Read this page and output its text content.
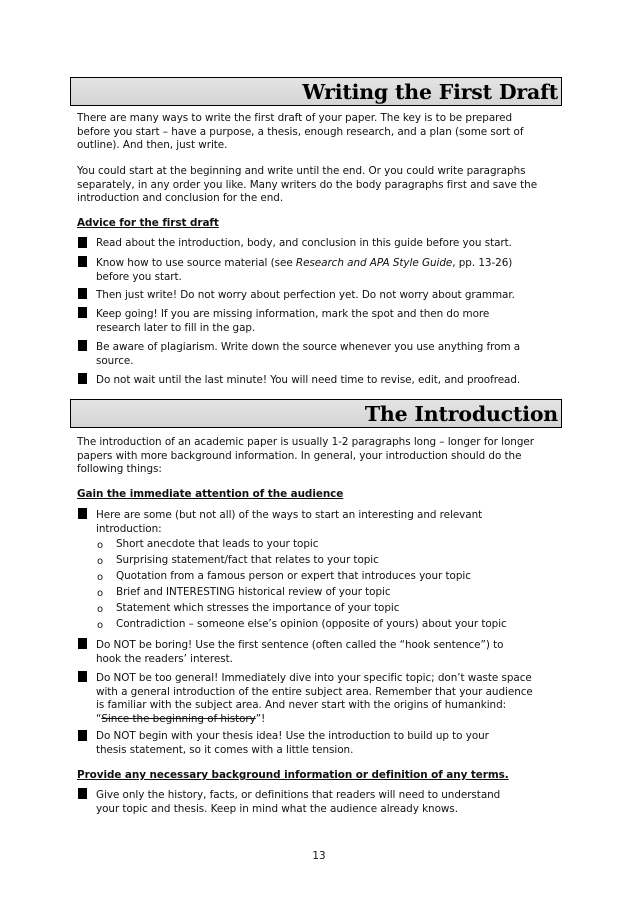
Writing the First Draft
There are many ways to write the first draft of your paper. The key is to be prepared
before you start – have a purpose, a thesis, enough research, and a plan (some sort of
outline). And then, just write.
You could start at the beginning and write until the end. Or you could write paragraphs
separately, in any order you like. Many writers do the body paragraphs first and save the
introduction and conclusion for the end.
Advice for the first draft
Read about the introduction, body, and conclusion in this guide before you start.
Know how to use source material (see Research and APA Style Guide, pp. 13-26)
before you start.
Then just write! Do not worry about perfection yet. Do not worry about grammar.
Keep going! If you are missing information, mark the spot and then do more
research later to fill in the gap.
Be aware of plagiarism. Write down the source whenever you use anything from a
source.
Do not wait until the last minute! You will need time to revise, edit, and proofread.
The Introduction
The introduction of an academic paper is usually 1-2 paragraphs long – longer for longer
papers with more background information. In general, your introduction should do the
following things:
Gain the immediate attention of the audience
Here are some (but not all) of the ways to start an interesting and relevant
introduction:
o Short anecdote that leads to your topic
o Surprising statement/fact that relates to your topic
o Quotation from a famous person or expert that introduces your topic
o Brief and INTERESTING historical review of your topic
o Statement which stresses the importance of your topic
o Contradiction – someone else’s opinion (opposite of yours) about your topic
Do NOT be boring! Use the first sentence (often called the “hook sentence”) to
hook the readers’ interest.
Do NOT be too general! Immediately dive into your specific topic; don’t waste space
with a general introduction of the entire subject area. Remember that your audience
is familiar with the subject area. And never start with the origins of humankind:
“Since the beginning of history”!
Do NOT begin with your thesis idea! Use the introduction to build up to your
thesis statement, so it comes with a little tension.
Provide any necessary background information or definition of any terms.
Give only the history, facts, or definitions that readers will need to understand
your topic and thesis. Keep in mind what the audience already knows.
13
